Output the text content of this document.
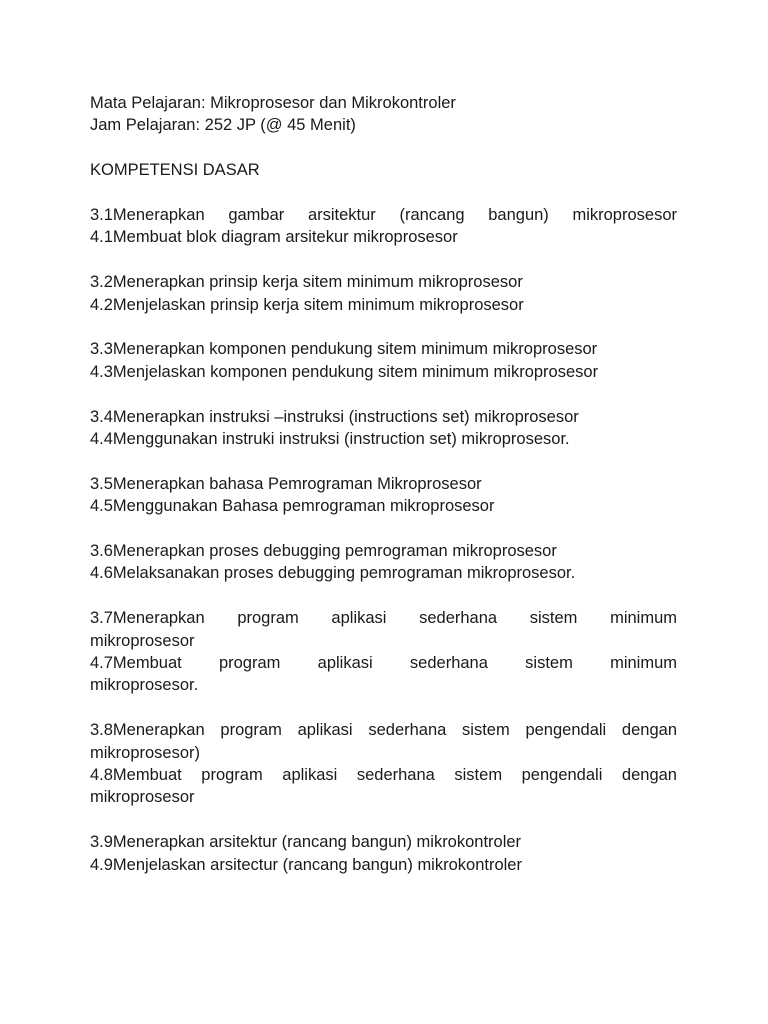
Mata Pelajaran: Mikroprosesor dan Mikrokontroler
Jam Pelajaran: 252 JP (@ 45 Menit)
KOMPETENSI DASAR
3.1Menerapkan gambar arsitektur (rancang bangun) mikroprosesor
4.1Membuat blok diagram arsitekur mikroprosesor
3.2Menerapkan prinsip kerja sitem minimum mikroprosesor
4.2Menjelaskan prinsip kerja sitem minimum mikroprosesor
3.3Menerapkan komponen pendukung sitem minimum mikroprosesor
4.3Menjelaskan komponen pendukung sitem minimum mikroprosesor
3.4Menerapkan instruksi –instruksi (instructions set) mikroprosesor
4.4Menggunakan instruki instruksi (instruction set) mikroprosesor.
3.5Menerapkan bahasa Pemrograman Mikroprosesor
4.5Menggunakan Bahasa pemrograman mikroprosesor
3.6Menerapkan proses debugging pemrograman mikroprosesor
4.6Melaksanakan proses debugging pemrograman mikroprosesor.
3.7Menerapkan program aplikasi sederhana sistem minimum
mikroprosesor
4.7Membuat program aplikasi sederhana sistem minimum
mikroprosesor.
3.8Menerapkan program aplikasi sederhana sistem pengendali dengan
mikroprosesor)
4.8Membuat program aplikasi sederhana sistem pengendali dengan
mikroprosesor
3.9Menerapkan arsitektur (rancang bangun) mikrokontroler
4.9Menjelaskan arsitectur (rancang bangun) mikrokontroler
